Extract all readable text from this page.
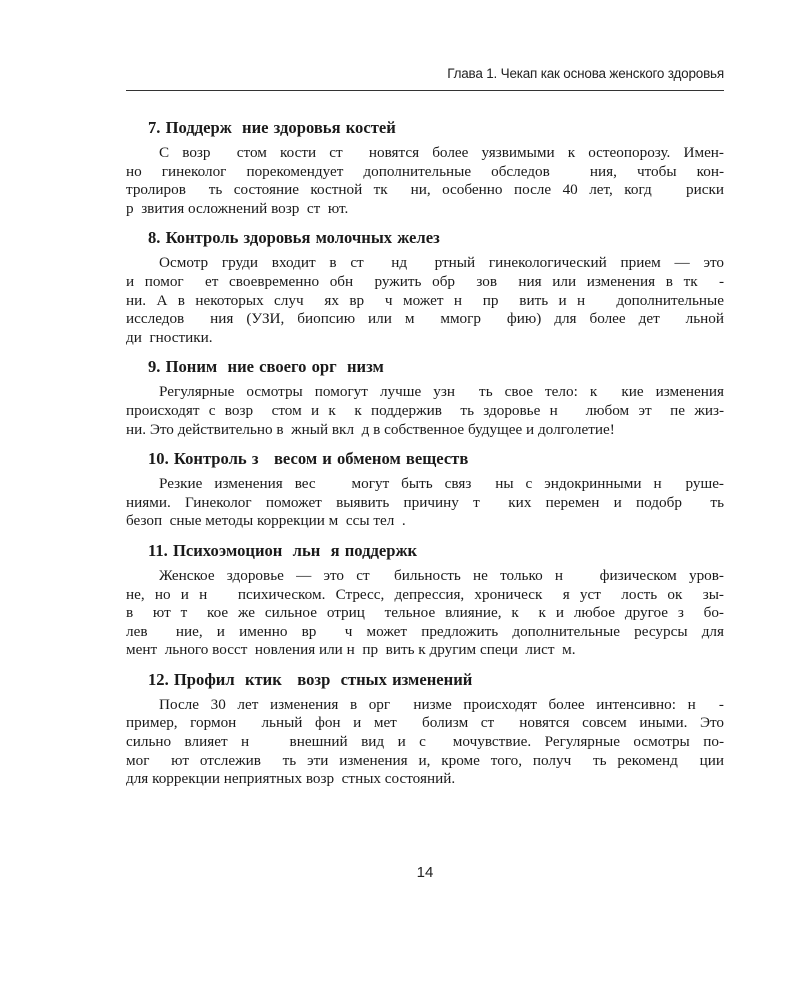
Глава 1. Чекап как основа женского здоровья
7. Поддерж  ние здоровья костей
С возр  стом кости ст  новятся более уязвимыми к остеопорозу. Имен-
но гинеколог порекомендует дополнительные обследов  ния, чтобы кон-
тролиров  ть состояние костной тк  ни, особенно после 40 лет, когд   риски
р  звития осложнений возр  ст  ют.
8. Контроль здоровья молочных желез
Осмотр груди входит в ст  нд  ртный гинекологический прием — это
и помог  ет своевременно обн  ружить обр  зов  ния или изменения в тк  -
ни. А в некоторых случ  ях вр  ч может н  пр  вить и н   дополнительные
исследов  ния (УЗИ, биопсию или м  ммогр  фию) для более дет  льной
ди  гностики.
9. Поним  ние своего орг  низм
Регулярные осмотры помогут лучше узн  ть свое тело: к  кие изменения
происходят с возр  стом и к  к поддержив  ть здоровье н   любом эт  пе жиз-
ни. Это действительно в  жный вкл  д в собственное будущее и долголетие!
10. Контроль з   весом и обменом веществ
Резкие изменения вес   могут быть связ  ны с эндокринными н  руше-
ниями. Гинеколог поможет выявить причину т  ких перемен и подобр  ть
безоп  сные методы коррекции м  ссы тел  .
11. Психоэмоцион  льн  я поддержк
Женское здоровье — это ст  бильность не только н   физическом уров-
не, но и н   психическом. Стресс, депрессия, хроническ  я уст  лость ок  зы-
в  ют т  кое же сильное отриц  тельное влияние, к  к и любое другое з  бо-
лев  ние, и именно вр  ч может предложить дополнительные ресурсы для
мент  льного восст  новления или н  пр  вить к другим специ  лист  м.
12. Профил  ктик   возр  стных изменений
После 30 лет изменения в орг  низме происходят более интенсивно: н  -
пример, гормон  льный фон и мет  болизм ст  новятся совсем иными. Это
сильно влияет н   внешний вид и с  мочувствие. Регулярные осмотры по-
мог  ют отслежив  ть эти изменения и, кроме того, получ  ть рекоменд  ции
для коррекции неприятных возр  стных состояний.
14
